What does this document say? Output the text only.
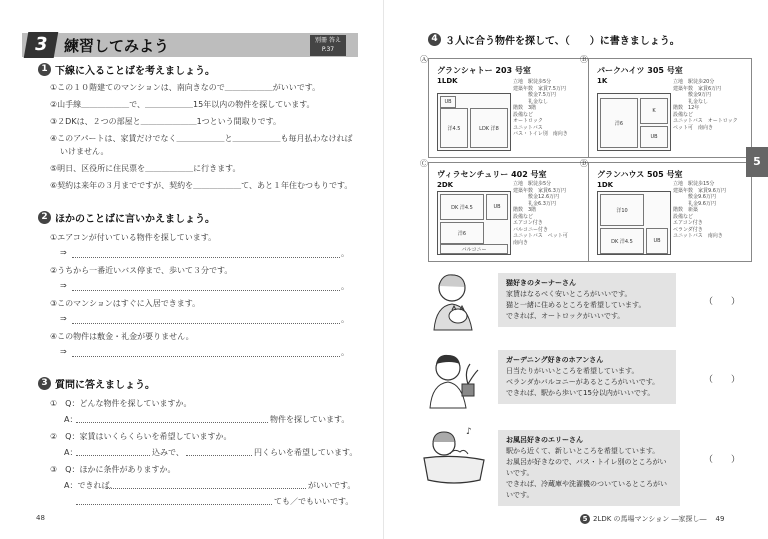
3 練習してみよう	別冊 答え P.37
1 下線に入ることばを考えましょう。
①この１０階建てのマンションは、南向きなので＿＿＿＿＿＿がいいです。
②山手線＿＿＿＿＿＿で、＿＿＿＿＿＿15年以内の物件を探しています。
③２DKは、２つの部屋と＿＿＿＿＿＿＿1つという間取りです。
④このアパートは、家賃だけでなく＿＿＿＿＿＿と＿＿＿＿＿＿も毎月払わなければ
いけません。
⑤明日、区役所に住民票を＿＿＿＿＿＿に行きます。
⑥契約は来年の３月までですが、契約を＿＿＿＿＿＿て、あと１年住むつもりです。
2 ほかのことばに言いかえましょう。
①エアコンが付いている物件を探しています。
⇒	。
②うちから一番近いバス停まで、歩いて３分です。
⇒	。
③このマンションはすぐに入居できます。
⇒	。
④この物件は敷金・礼金が要りません。
⇒	。
3 質問に答えましょう。
①　Q：どんな物件を探していますか。
A：	物件を探しています。
②　Q：家賃はいくらくらいを希望していますか。
A：	込みで、	円くらいを希望しています。
③　Q：ほかに条件がありますか。
A：できれば、	がいいです。
ても／でもいいです。
48
4 ３人に合う物件を探して、（　　）に書きましょう。
Ⓐ
グランシャトー 203 号室
1LDK
洋4.5	LDK 洋8
UB
立地　駅徒歩5分
建築年数　家賃7.5万円
　　　敷金7.5万円
　　　礼金なし
階数　3階
設備など
オートロック
ユニットバス
バス・トイレ別　南向き
Ⓑ
パークハイツ 305 号室
1K
洋6
K
UB
立地　駅徒歩20分
建築年数　家賃6万円
　　　敷金9万円
　　　礼金なし
階数　12年
設備など
ユニットバス　オートロック
ペット可　南向き
Ⓒ
ヴィラセンチュリー 402 号室
2DK
DK 洋4.5
洋6
UB
バルコニー
立地　駅徒歩5分
建築年数　家賃6.3万円
　　　敷金12.6万円
　　　礼金6.3万円
階数　3階
設備など
エアコン付き
バルコニー付き
ユニットバス　ペット可
南向き
Ⓓ
グランハウス 505 号室
1DK
洋10
DK 洋4.5	UB
立地　駅徒歩15分
建築年数　家賃9.6万円
　　　敷金9.6万円
　　　礼金9.6万円
階数　新築
設備など
エアコン付き
ベランダ付き
ユニットバス　南向き
猫好きのターナーさん
家賃はなるべく安いところがいいです。
猫と一緒に住めるところを希望しています。
できれば、オートロックがいいです。
（　　）
ガーデニング好きのホアンさん
日当たりがいいところを希望しています。
ベランダかバルコニーがあるところがいいです。
できれば、駅から歩いて15分以内がいいです。
（　　）
♪
お風呂好きのエリーさん
駅から近くて、新しいところを希望しています。
お風呂が好きなので、バス・トイレ別のところがいいです。
できれば、冷蔵庫や洗濯機のついているところがいいです。
（　　）
5 2LDK の馬場マンション ―家探し― 49
5
